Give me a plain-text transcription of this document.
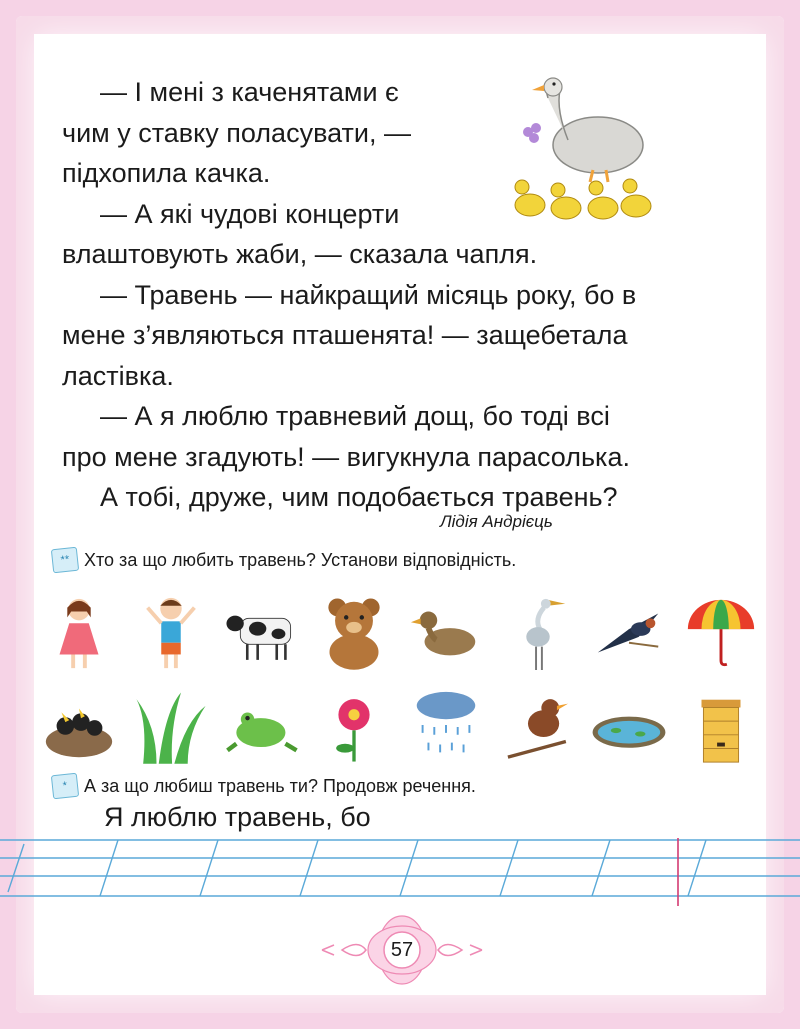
— І мені з каченятами є

чим у ставку поласувати, —

підхопила качка.

— А які чудові концерти

влаштовують жаби, — сказала чапля.

— Травень — найкращий місяць року, бо в

мене з’являються пташенята! — защебетала

ластівка.

— А я люблю травневий дощ, бо тоді всі

про мене згадують! — вигукнула парасолька.

А тобі, друже, чим подобається травень?

Лідія Андрієць
** Хто за що любить травень? Установи відповідність.
* А за що любиш травень ти? Продовж речення.
Я люблю травень, бо
57
